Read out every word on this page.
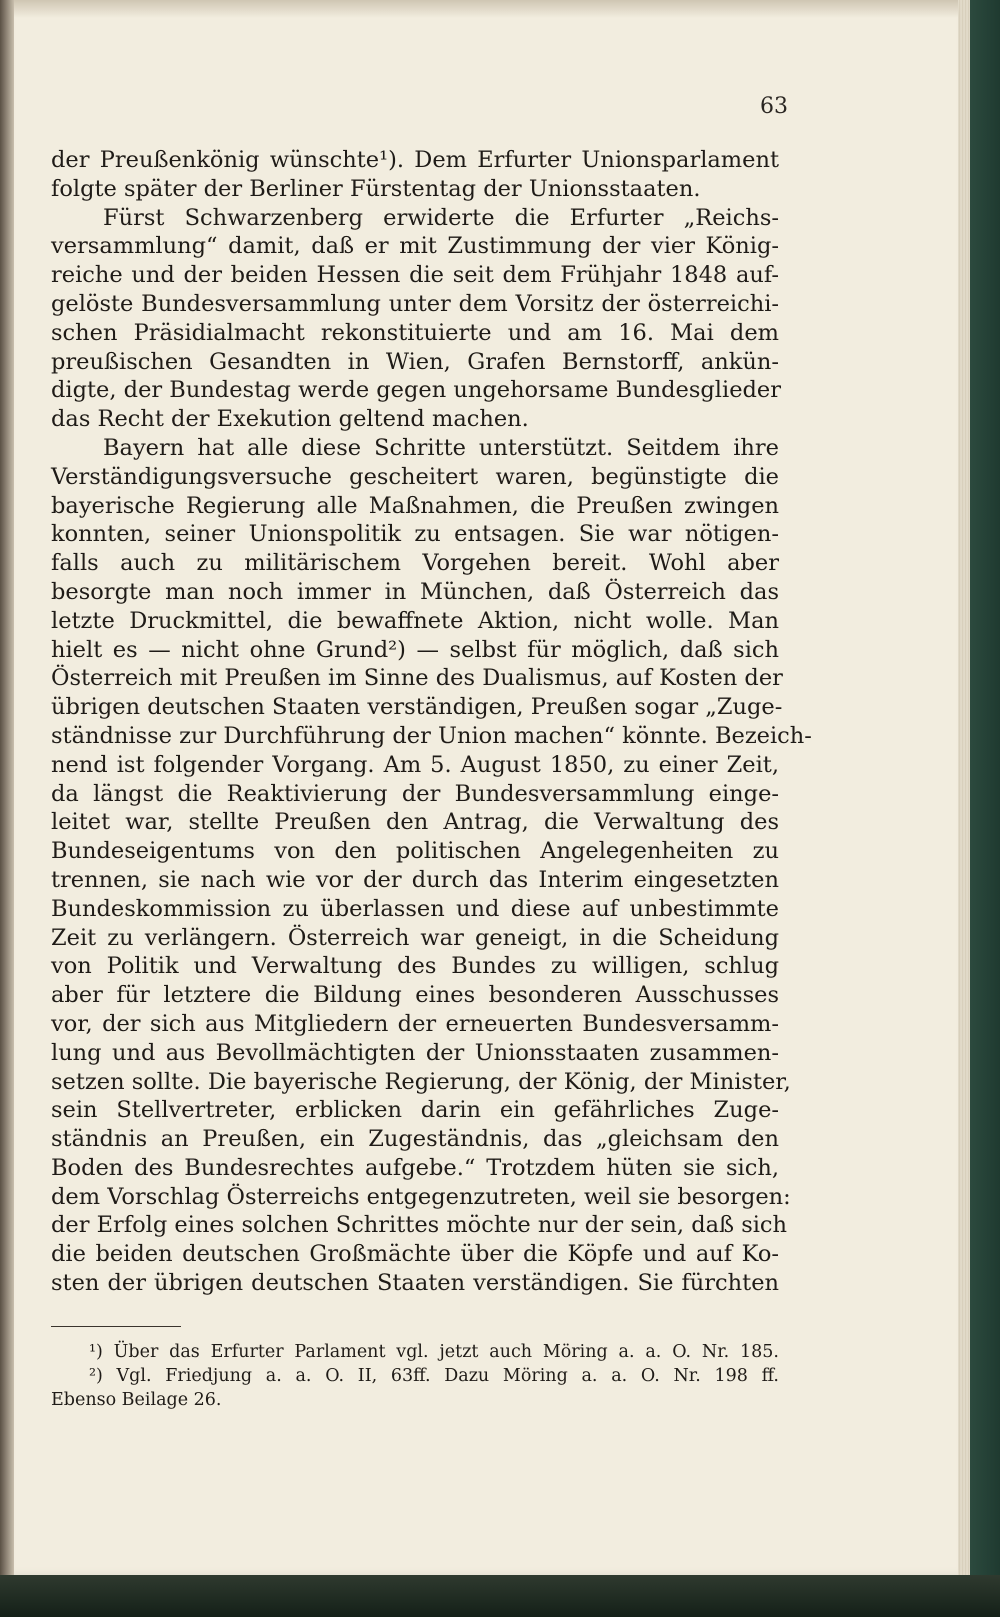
63
der Preußenkönig wünschte¹). Dem Erfurter Unionsparlament
folgte später der Berliner Fürstentag der Unionsstaaten.
Fürst Schwarzenberg erwiderte die Erfurter „Reichs-
versammlung“ damit, daß er mit Zustimmung der vier König-
reiche und der beiden Hessen die seit dem Frühjahr 1848 auf-
gelöste Bundesversammlung unter dem Vorsitz der österreichi-
schen Präsidialmacht rekonstituierte und am 16. Mai dem
preußischen Gesandten in Wien, Grafen Bernstorff, ankün-
digte, der Bundestag werde gegen ungehorsame Bundesglieder
das Recht der Exekution geltend machen.
Bayern hat alle diese Schritte unterstützt. Seitdem ihre
Verständigungsversuche gescheitert waren, begünstigte die
bayerische Regierung alle Maßnahmen, die Preußen zwingen
konnten, seiner Unionspolitik zu entsagen. Sie war nötigen-
falls auch zu militärischem Vorgehen bereit. Wohl aber
besorgte man noch immer in München, daß Österreich das
letzte Druckmittel, die bewaffnete Aktion, nicht wolle. Man
hielt es — nicht ohne Grund²) — selbst für möglich, daß sich
Österreich mit Preußen im Sinne des Dualismus, auf Kosten der
übrigen deutschen Staaten verständigen, Preußen sogar „Zuge-
ständnisse zur Durchführung der Union machen“ könnte. Bezeich-
nend ist folgender Vorgang. Am 5. August 1850, zu einer Zeit,
da längst die Reaktivierung der Bundesversammlung einge-
leitet war, stellte Preußen den Antrag, die Verwaltung des
Bundeseigentums von den politischen Angelegenheiten zu
trennen, sie nach wie vor der durch das Interim eingesetzten
Bundeskommission zu überlassen und diese auf unbestimmte
Zeit zu verlängern. Österreich war geneigt, in die Scheidung
von Politik und Verwaltung des Bundes zu willigen, schlug
aber für letztere die Bildung eines besonderen Ausschusses
vor, der sich aus Mitgliedern der erneuerten Bundesversamm-
lung und aus Bevollmächtigten der Unionsstaaten zusammen-
setzen sollte. Die bayerische Regierung, der König, der Minister,
sein Stellvertreter, erblicken darin ein gefährliches Zuge-
ständnis an Preußen, ein Zugeständnis, das „gleichsam den
Boden des Bundesrechtes aufgebe.“ Trotzdem hüten sie sich,
dem Vorschlag Österreichs entgegenzutreten, weil sie besorgen:
der Erfolg eines solchen Schrittes möchte nur der sein, daß sich
die beiden deutschen Großmächte über die Köpfe und auf Ko-
sten der übrigen deutschen Staaten verständigen. Sie fürchten
¹) Über das Erfurter Parlament vgl. jetzt auch Möring a. a. O. Nr. 185.
²) Vgl. Friedjung a. a. O. II, 63ff. Dazu Möring a. a. O. Nr. 198 ff.
Ebenso Beilage 26.
